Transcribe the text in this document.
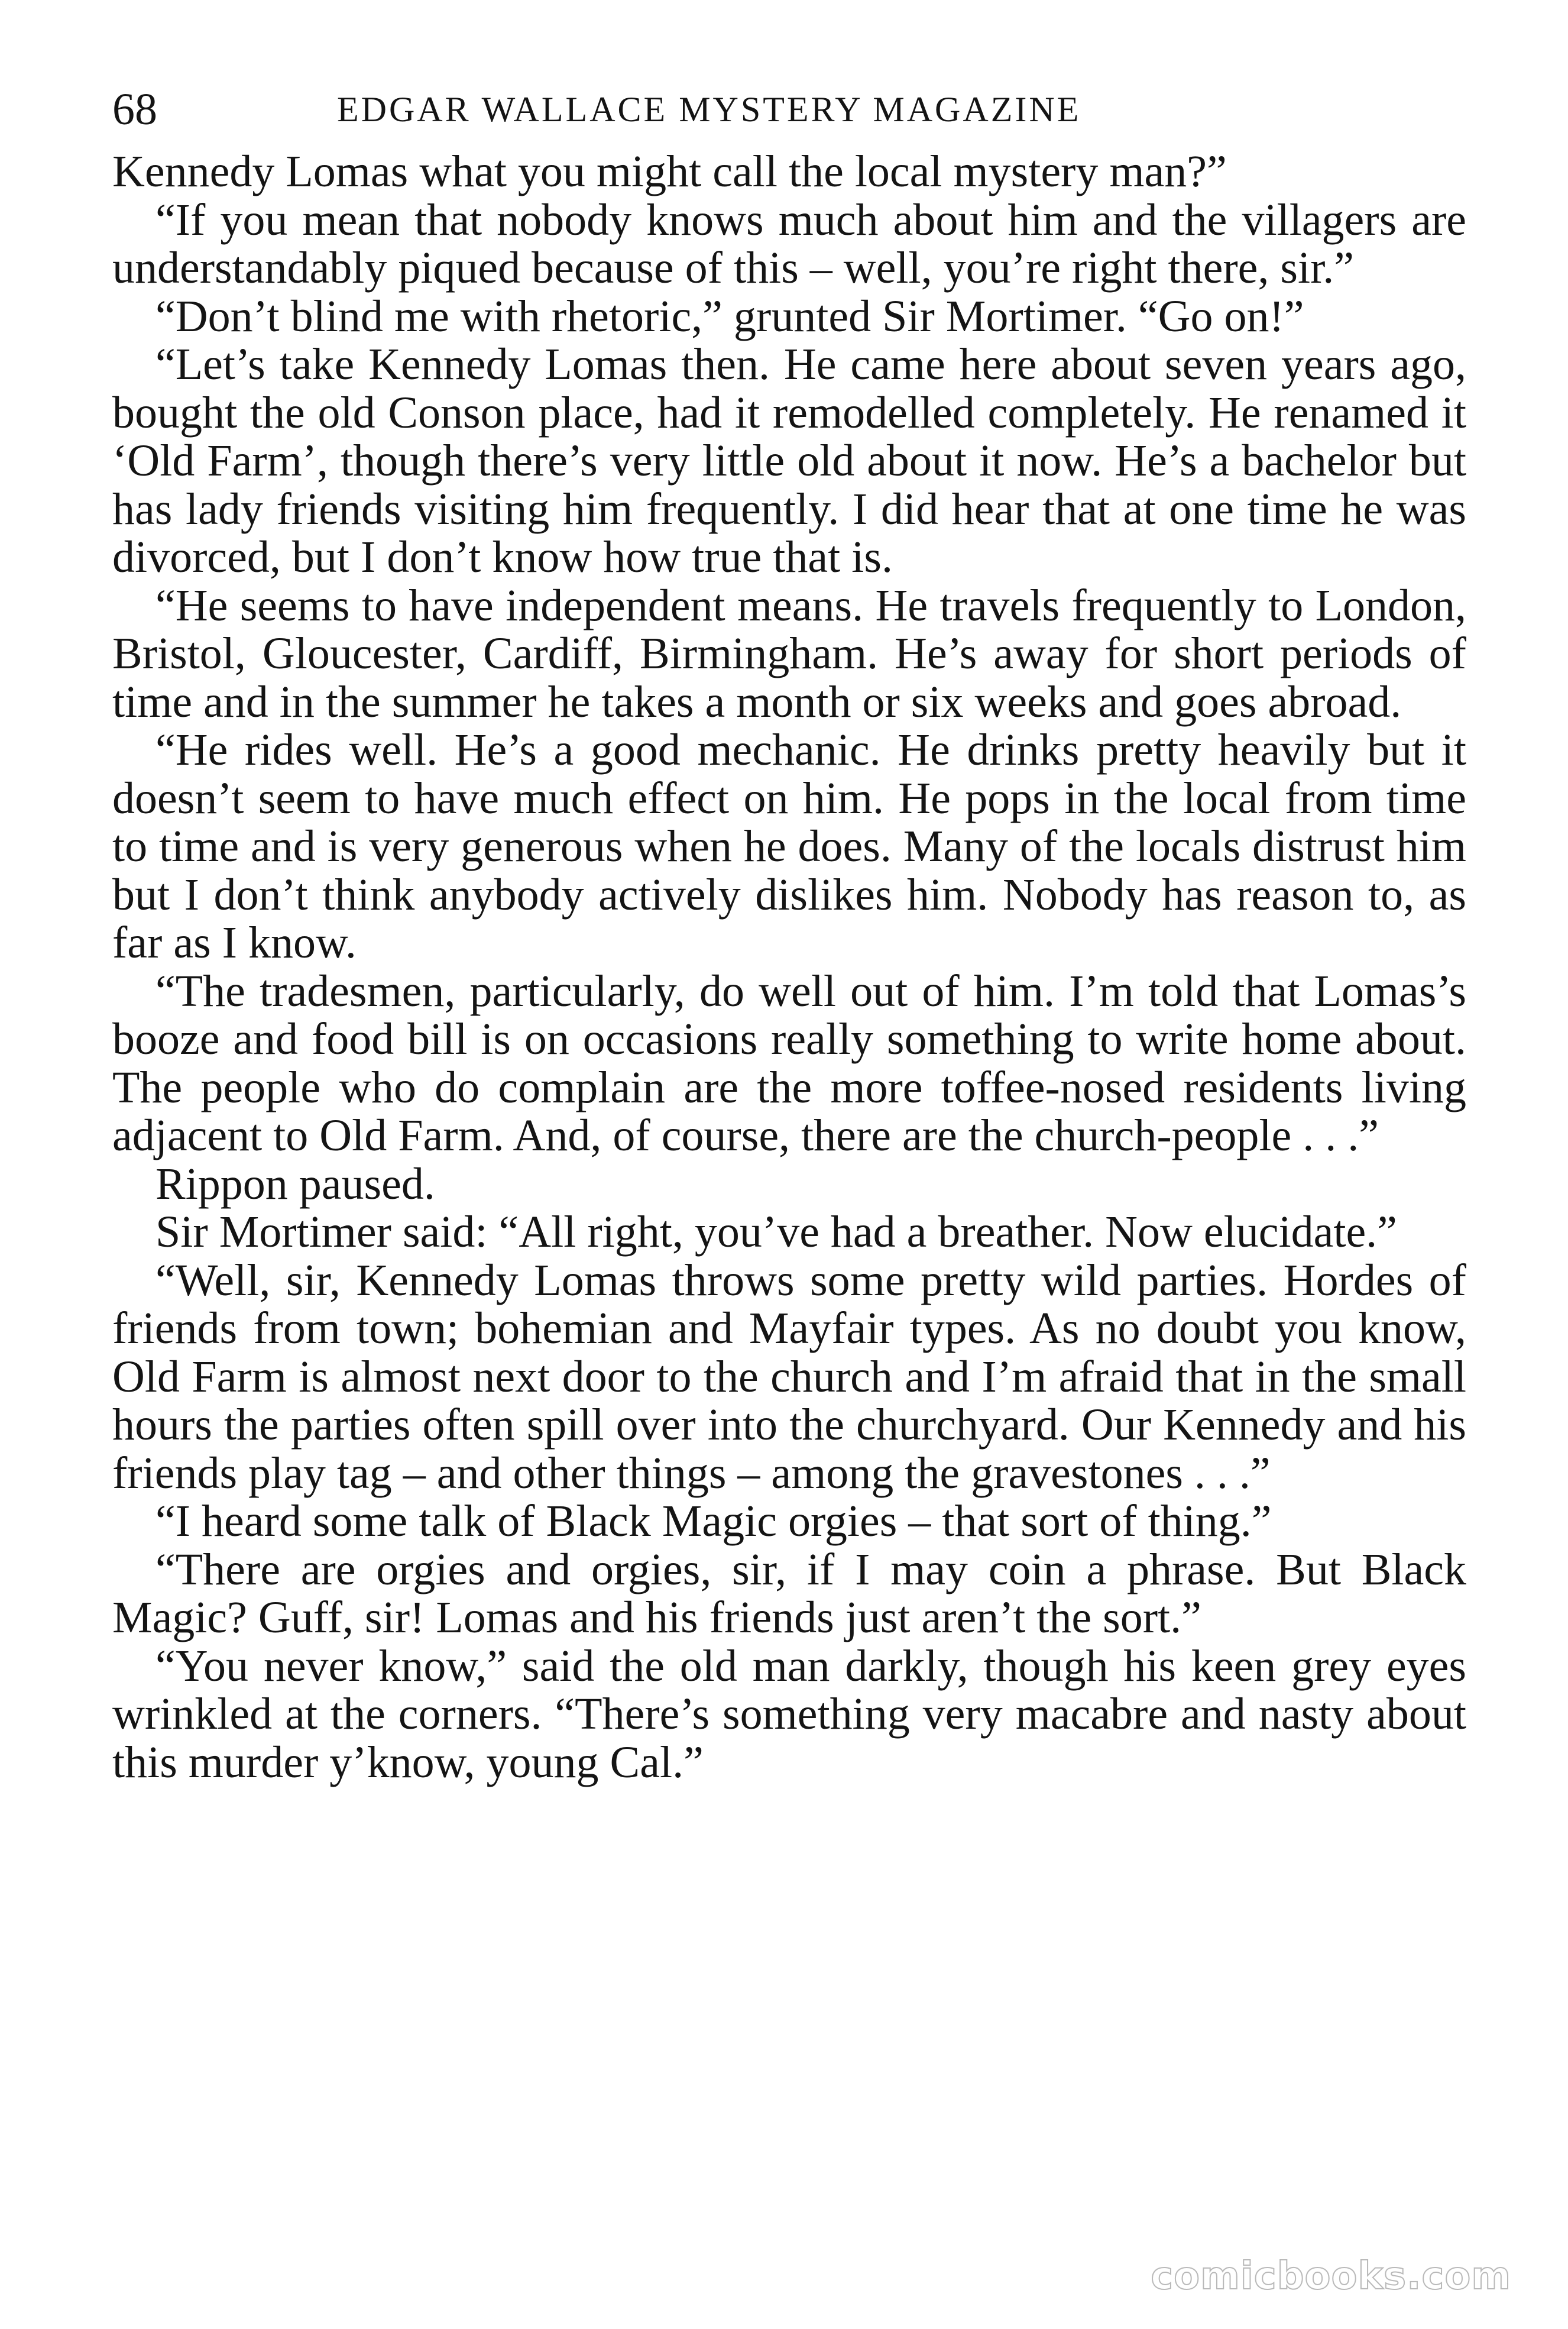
68	EDGAR WALLACE MYSTERY MAGAZINE

Kennedy Lomas what you might call the local mystery man?”

“If you mean that nobody knows much about him and the villagers are understandably piqued because of this – well, you’re right there, sir.”

“Don’t blind me with rhetoric,” grunted Sir Mortimer. “Go on!”

“Let’s take Kennedy Lomas then. He came here about seven years ago, bought the old Conson place, had it remodelled completely. He renamed it ‘Old Farm’, though there’s very little old about it now. He’s a bachelor but has lady friends visiting him frequently. I did hear that at one time he was divorced, but I don’t know how true that is.

“He seems to have independent means. He travels frequently to London, Bristol, Gloucester, Cardiff, Birmingham. He’s away for short periods of time and in the summer he takes a month or six weeks and goes abroad.

“He rides well. He’s a good mechanic. He drinks pretty heavily but it doesn’t seem to have much effect on him. He pops in the local from time to time and is very generous when he does. Many of the locals distrust him but I don’t think anybody actively dislikes him. Nobody has reason to, as far as I know.

“The tradesmen, particularly, do well out of him. I’m told that Lomas’s booze and food bill is on occasions really something to write home about. The people who do complain are the more toffee-nosed residents living adjacent to Old Farm. And, of course, there are the church-people . . .”

Rippon paused.

Sir Mortimer said: “All right, you’ve had a breather. Now elucidate.”

“Well, sir, Kennedy Lomas throws some pretty wild parties. Hordes of friends from town; bohemian and Mayfair types. As no doubt you know, Old Farm is almost next door to the church and I’m afraid that in the small hours the parties often spill over into the churchyard. Our Kennedy and his friends play tag – and other things – among the gravestones . . .”

“I heard some talk of Black Magic orgies – that sort of thing.”

“There are orgies and orgies, sir, if I may coin a phrase. But Black Magic? Guff, sir! Lomas and his friends just aren’t the sort.”

“You never know,” said the old man darkly, though his keen grey eyes wrinkled at the corners. “There’s something very macabre and nasty about this murder y’know, young Cal.”

comicbooks.com
